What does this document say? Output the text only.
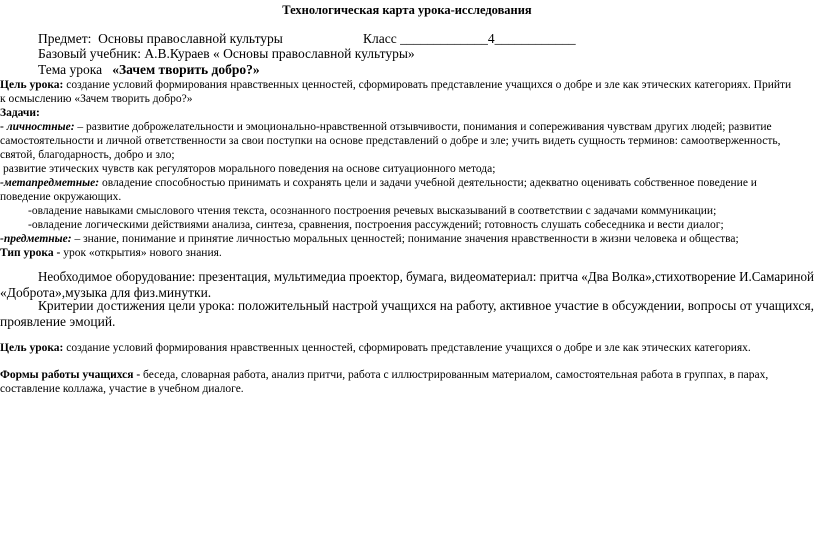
Технологическая карта урока-исследования
Предмет: Основы православной культуры	Класс _____________4____________
Базовый учебник: А.В.Кураев « Основы православной культуры»
Тема урока «Зачем творить добро?»
Цель урока: создание условий формирования нравственных ценностей, сформировать представление учащихся о добре и зле как этических категориях. Прийти
к осмыслению «Зачем творить добро?»
Задачи:
- личностные: – развитие доброжелательности и эмоционально-нравственной отзывчивости, понимания и сопереживания чувствам других людей; развитие
самостоятельности и личной ответственности за свои поступки на основе представлений о добре и зле; учить видеть сущность терминов: самоотверженность,
святой, благодарность, добро и зло;
развитие этических чувств как регуляторов морального поведения на основе ситуационного метода;
-метапредметные: овладение способностью принимать и сохранять цели и задачи учебной деятельности; адекватно оценивать собственное поведение и
поведение окружающих.
-овладение навыками смыслового чтения текста, осознанного построения речевых высказываний в соответствии с задачами коммуникации;
-овладение логическими действиями анализа, синтеза, сравнения, построения рассуждений; готовность слушать собеседника и вести диалог;
-предметные: – знание, понимание и принятие личностью моральных ценностей; понимание значения нравственности в жизни человека и общества;
Тип урока - урок «открытия» нового знания.
Необходимое оборудование: презентация, мультимедиа проектор, бумага, видеоматериал: притча «Два Волка»,стихотворение И.Самариной
«Доброта»,музыка для физ.минутки.
Критерии достижения цели урока: положительный настрой учащихся на работу, активное участие в обсуждении, вопросы от учащихся,
проявление эмоций.
Цель урока: создание условий формирования нравственных ценностей, сформировать представление учащихся о добре и зле как этических категориях.
Формы работы учащихся - беседа, словарная работа, анализ притчи, работа с иллюстрированным материалом, самостоятельная работа в группах, в парах,
составление коллажа, участие в учебном диалоге.
